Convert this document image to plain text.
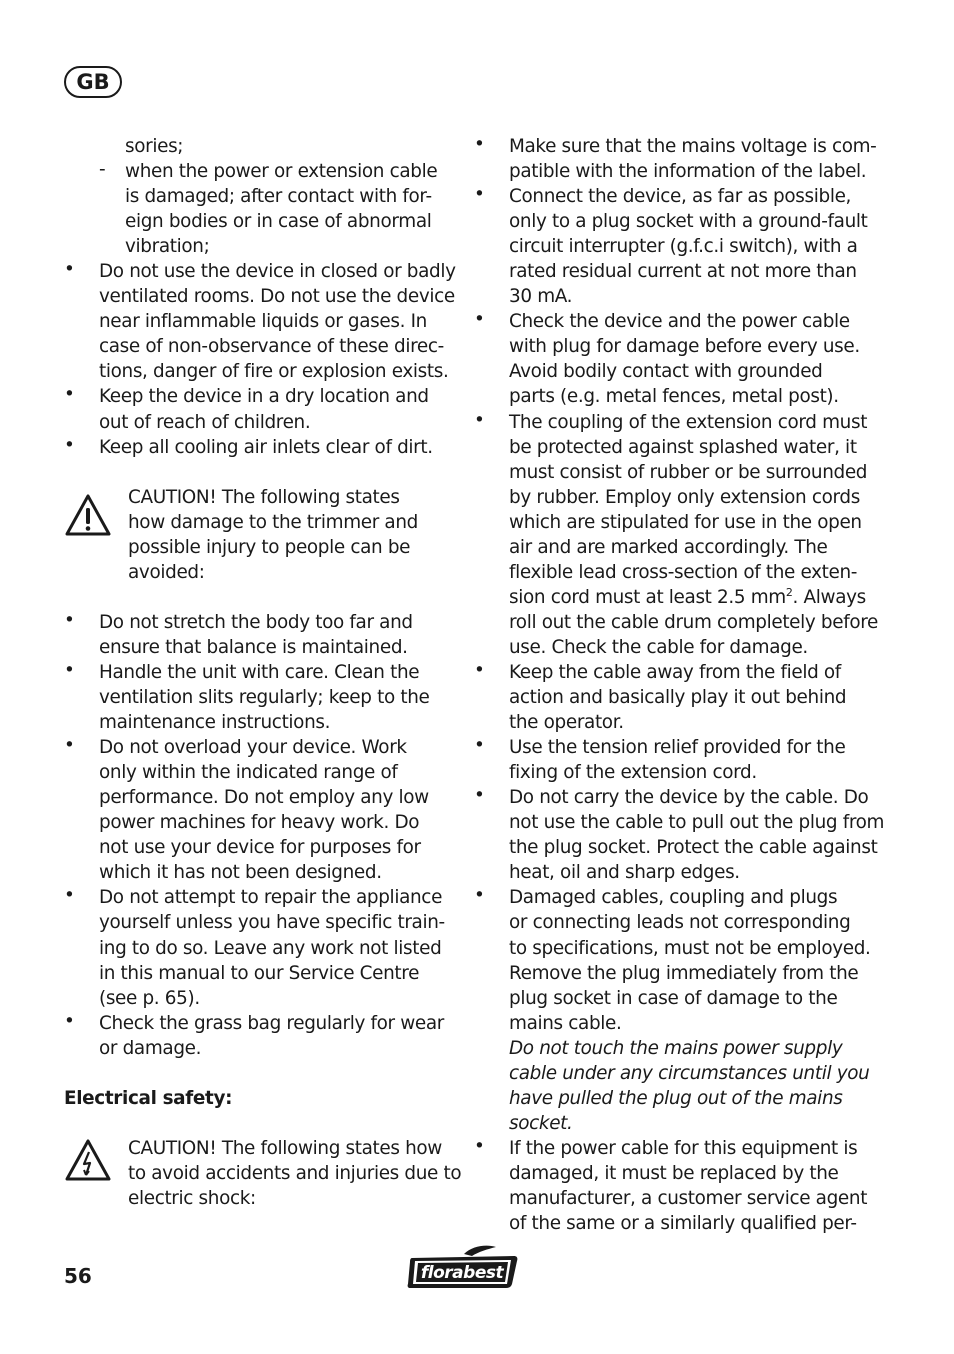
GB
sories;
-	when the power or extension cable
is damaged; after contact with for-
eign bodies or in case of abnormal
vibration;
•	Do not use the device in closed or badly
ventilated rooms. Do not use the device
near inflammable liquids or gases. In
case of non-observance of these direc-
tions, danger of fire or explosion exists.
•	Keep the device in a dry location and
out of reach of children.
•	Keep all cooling air inlets clear of dirt.
CAUTION! The following states
how damage to the trimmer and
possible injury to people can be
avoided:
•	Do not stretch the body too far and
ensure that balance is maintained.
•	Handle the unit with care. Clean the
ventilation slits regularly; keep to the
maintenance instructions.
•	Do not overload your device. Work
only within the indicated range of
performance. Do not employ any low
power machines for heavy work. Do
not use your device for purposes for
which it has not been designed.
•	Do not attempt to repair the appliance
yourself unless you have specific train-
ing to do so. Leave any work not listed
in this manual to our Service Centre
(see p. 65).
•	Check the grass bag regularly for wear
or damage.
Electrical safety:
CAUTION! The following states how
to avoid accidents and injuries due to
electric shock:
•	Make sure that the mains voltage is com-
patible with the information of the label.
•	Connect the device, as far as possible,
only to a plug socket with a ground-fault
circuit interrupter (g.f.c.i switch), with a
rated residual current at not more than
30 mA.
•	Check the device and the power cable
with plug for damage before every use.
Avoid bodily contact with grounded
parts (e.g. metal fences, metal post).
•	The coupling of the extension cord must
be protected against splashed water, it
must consist of rubber or be surrounded
by rubber. Employ only extension cords
which are stipulated for use in the open
air and are marked accordingly. The
flexible lead cross-section of the exten-
sion cord must at least 2.5 $mm^2$. Always
roll out the cable drum completely before
use. Check the cable for damage.
•	Keep the cable away from the field of
action and basically play it out behind
the operator.
•	Use the tension relief provided for the
fixing of the extension cord.
•	Do not carry the device by the cable. Do
not use the cable to pull out the plug from
the plug socket. Protect the cable against
heat, oil and sharp edges.
•	Damaged cables, coupling and plugs
or connecting leads not corresponding
to specifications, must not be employed.
Remove the plug immediately from the
plug socket in case of damage to the
mains cable.
Do not touch the mains power supply
cable under any circumstances until you
have pulled the plug out of the mains
socket.
•	If the power cable for this equipment is
damaged, it must be replaced by the
manufacturer, a customer service agent
of the same or a similarly qualified per-
56	florabest
